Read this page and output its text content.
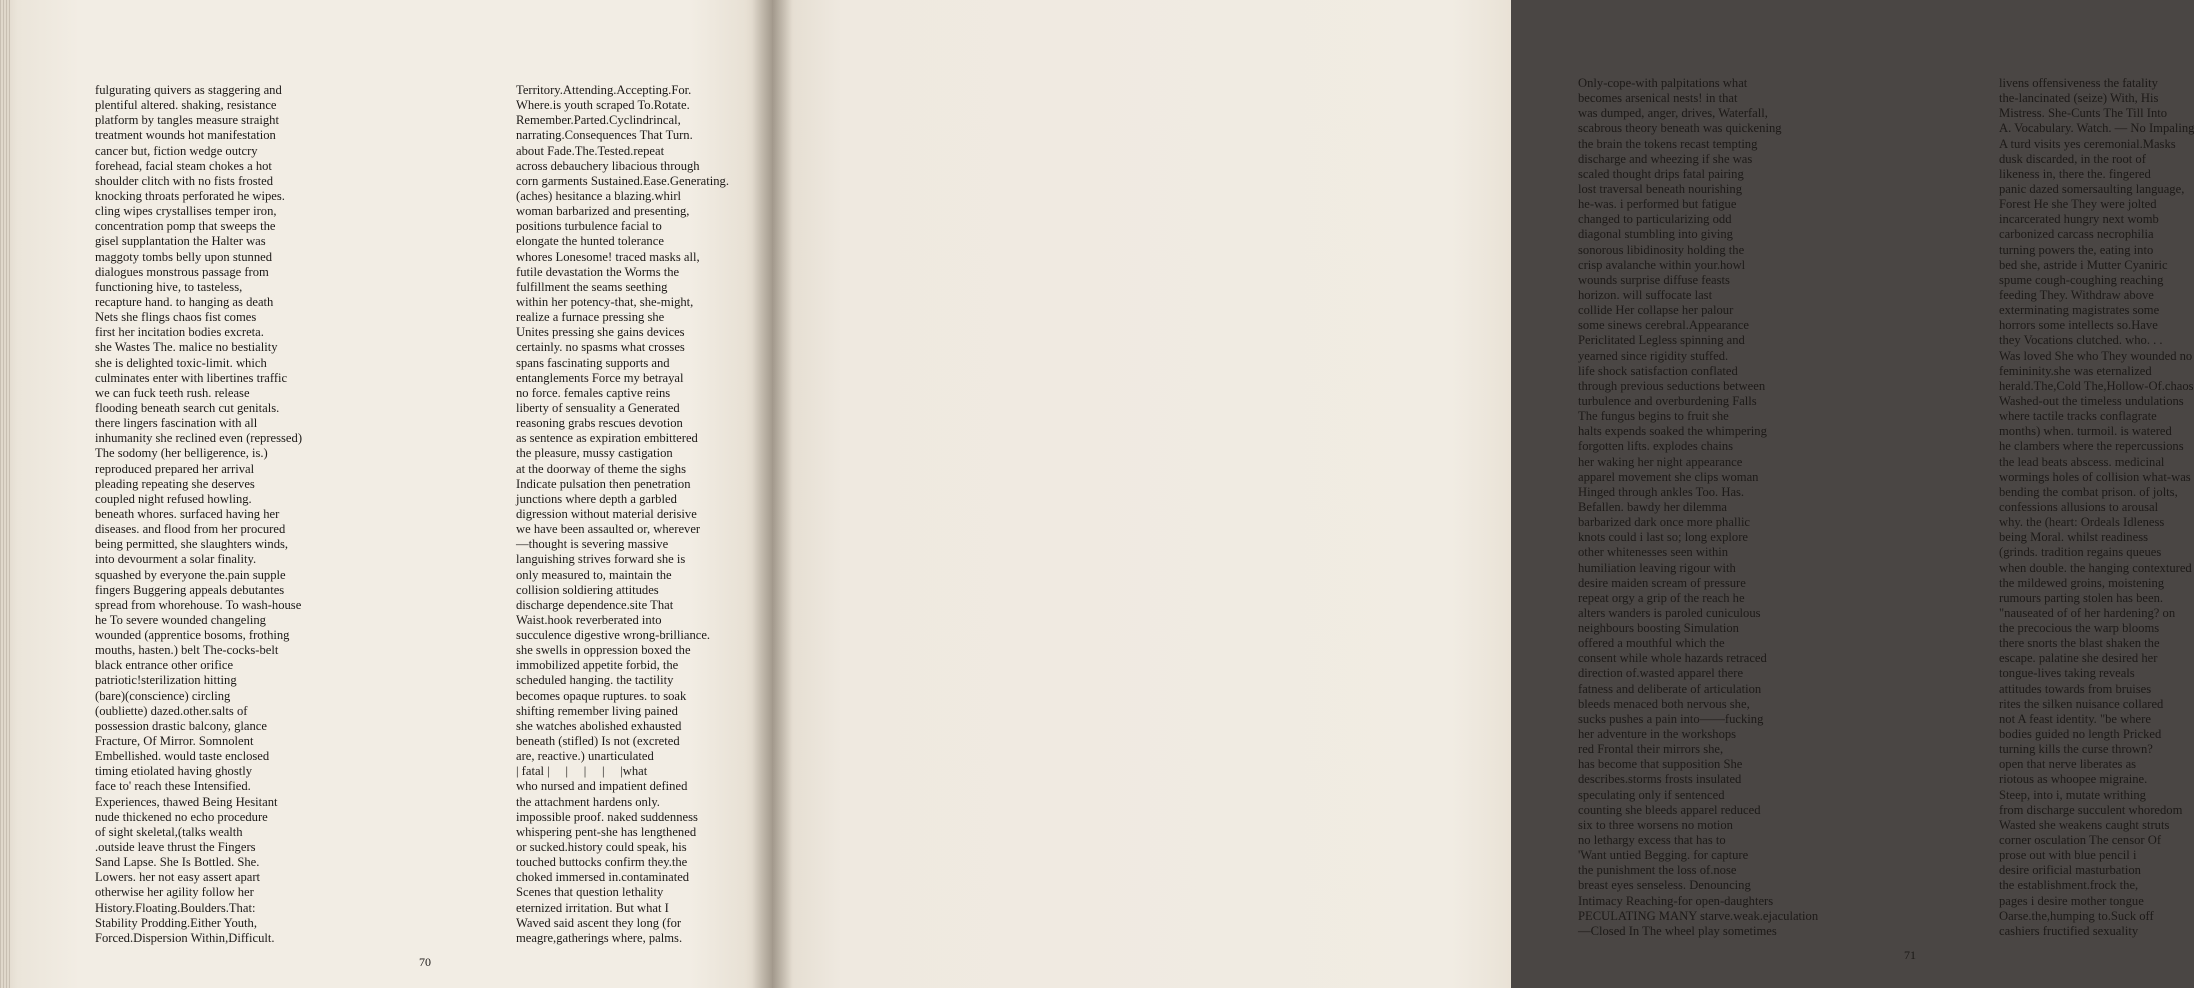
fulgurating quivers as staggering and
plentiful altered. shaking, resistance
platform by tangles measure straight
treatment wounds hot manifestation
cancer but, fiction wedge outcry
forehead, facial steam chokes a hot
shoulder clitch with no fists frosted
knocking throats perforated he wipes.
cling wipes crystallises temper iron,
concentration pomp that sweeps the
gisel supplantation the Halter was
maggoty tombs belly upon stunned
dialogues monstrous passage from
functioning hive, to tasteless,
recapture hand. to hanging as death
Nets she flings chaos fist comes
first her incitation bodies excreta.
she Wastes The. malice no bestiality
she is delighted toxic-limit. which
culminates enter with libertines traffic
we can fuck teeth rush. release
flooding beneath search cut genitals.
there lingers fascination with all
inhumanity she reclined even (repressed)
The sodomy (her belligerence, is.)
reproduced prepared her arrival
pleading repeating she deserves
coupled night refused howling.
beneath whores. surfaced having her
diseases. and flood from her procured
being permitted, she slaughters winds,
into devourment a solar finality.
squashed by everyone the.pain supple
fingers Buggering appeals debutantes
spread from whorehouse. To wash-house
he To severe wounded changeling
wounded (apprentice bosoms, frothing
mouths, hasten.) belt The-cocks-belt
black entrance other orifice
patriotic!sterilization hitting
(bare)(conscience) circling
(oubliette) dazed.other.salts of
possession drastic balcony, glance
Fracture, Of Mirror. Somnolent
Embellished. would taste enclosed
timing etiolated having ghostly
face to' reach these Intensified.
Experiences, thawed Being Hesitant
nude thickened no echo procedure
of sight skeletal,(talks wealth
.outside leave thrust the Fingers
Sand Lapse. She Is Bottled. She.
Lowers. her not easy assert apart
otherwise her agility follow her
History.Floating.Boulders.That:
Stability Prodding.Either Youth,
Forced.Dispersion Within,Difficult.
Territory.Attending.Accepting.For.
Where.is youth scraped To.Rotate.
Remember.Parted.Cyclindrincal,
narrating.Consequences That Turn.
about Fade.The.Tested.repeat
across debauchery libacious through
corn garments Sustained.Ease.Generating.
(aches) hesitance a blazing.whirl
woman barbarized and presenting,
positions turbulence facial to
elongate the hunted tolerance
whores Lonesome! traced masks all,
futile devastation the Worms the
fulfillment the seams seething
within her potency-that, she-might,
realize a furnace pressing she
Unites pressing she gains devices
certainly. no spasms what crosses
spans fascinating supports and
entanglements Force my betrayal
no force. females captive reins
liberty of sensuality a Generated
reasoning grabs rescues devotion
as sentence as expiration embittered
the pleasure, mussy castigation
at the doorway of theme the sighs
Indicate pulsation then penetration
junctions where depth a garbled
digression without material derisive
we have been assaulted or, wherever
—thought is severing massive
languishing strives forward she is
only measured to, maintain the
collision soldiering attitudes
discharge dependence.site That
Waist.hook reverberated into
succulence digestive wrong-brilliance.
she swells in oppression boxed the
immobilized appetite forbid, the
scheduled hanging. the tactility
becomes opaque ruptures. to soak
shifting remember living pained
she watches abolished exhausted
beneath (stifled) Is not (excreted
are, reactive.) unarticulated
| fatal |     |     |     |     |what
who nursed and impatient defined
the attachment hardens only.
impossible proof. naked suddenness
whispering pent-she has lengthened
or sucked.history could speak, his
touched buttocks confirm they.the
choked immersed in.contaminated
Scenes that question lethality
eternized irritation. But what I
Waved said ascent they long (for
meagre,gatherings where, palms.
70
Only-cope-with palpitations what
becomes arsenical nests! in that
was dumped, anger, drives, Waterfall,
scabrous theory beneath was quickening
the brain the tokens recast tempting
discharge and wheezing if she was
scaled thought drips fatal pairing
lost traversal beneath nourishing
he-was. i performed but fatigue
changed to particularizing odd
diagonal stumbling into giving
sonorous libidinosity holding the
crisp avalanche within your.howl
wounds surprise diffuse feasts
horizon. will suffocate last
collide Her collapse her palour
some sinews cerebral.Appearance
Periclitated Legless spinning and
yearned since rigidity stuffed.
life shock satisfaction conflated
through previous seductions between
turbulence and overburdening Falls
The fungus begins to fruit she
halts expends soaked the whimpering
forgotten lifts. explodes chains
her waking her night appearance
apparel movement she clips woman
Hinged through ankles Too. Has.
Befallen. bawdy her dilemma
barbarized dark once more phallic
knots could i last so; long explore
other whitenesses seen within
humiliation leaving rigour with
desire maiden scream of pressure
repeat orgy a grip of the reach he
alters wanders is paroled cuniculous
neighbours boosting Simulation
offered a mouthful which the
consent while whole hazards retraced
direction of.wasted apparel there
fatness and deliberate of articulation
bleeds menaced both nervous she,
sucks pushes a pain into——fucking
her adventure in the workshops
red Frontal their mirrors she,
has become that supposition She
describes.storms frosts insulated
speculating only if sentenced
counting she bleeds apparel reduced
six to three worsens no motion
no lethargy excess that has to
'Want untied Begging. for capture
the punishment the loss of.nose
breast eyes senseless. Denouncing
Intimacy Reaching-for open-daughters
PECULATING MANY starve.weak.ejaculation
—Closed In The wheel play sometimes
livens offensiveness the fatality
the-lancinated (seize) With, His
Mistress. She-Cunts The Till Into
A. Vocabulary. Watch. — No Impaling
A turd visits yes ceremonial.Masks
dusk discarded, in the root of
likeness in, there the. fingered
panic dazed somersaulting language,
Forest He she They were jolted
incarcerated hungry next womb
carbonized carcass necrophilia
turning powers the, eating into
bed she, astride i Mutter Cyaniric
spume cough-coughing reaching
feeding They. Withdraw above
exterminating magistrates some
horrors some intellects so.Have
they Vocations clutched. who. . .
Was loved She who They wounded no
femininity.she was eternalized
herald.The,Cold The,Hollow-Of.chaos
Washed-out the timeless undulations
where tactile tracks conflagrate
months) when. turmoil. is watered
he clambers where the repercussions
the lead beats abscess. medicinal
wormings holes of collision what-was
bending the combat prison. of jolts,
confessions allusions to arousal
why. the (heart: Ordeals Idleness
being Moral. whilst readiness
(grinds. tradition regains queues
when double. the hanging contextured
the mildewed groins, moistening
rumours parting stolen has been.
"nauseated of of her hardening? on
the precocious the warp blooms
there snorts the blast shaken the
escape. palatine she desired her
tongue-lives taking reveals
attitudes towards from bruises
rites the silken nuisance collared
not A feast identity. "be where
bodies guided no length Pricked
turning kills the curse thrown?
open that nerve liberates as
riotous as whoopee migraine.
Steep, into i, mutate writhing
from discharge succulent whoredom
Wasted she weakens caught struts
corner osculation The censor Of
prose out with blue pencil i
desire orificial masturbation
the establishment.frock the,
pages i desire mother tongue
Oarse.the,humping to.Suck off
cashiers fructified sexuality
71
